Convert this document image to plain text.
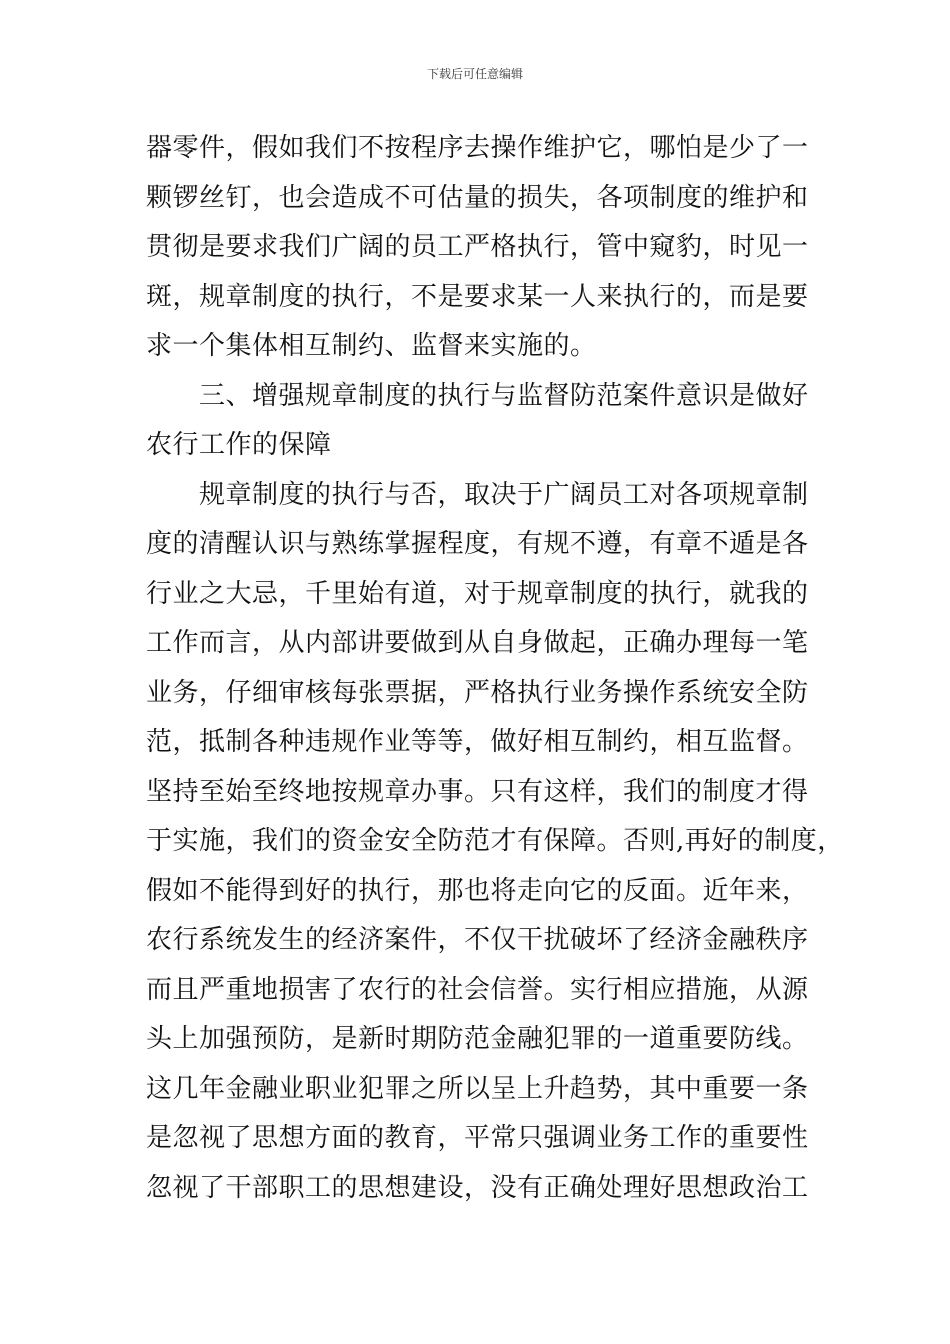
下载后可任意编辑
器零件，假如我们不按程序去操作维护它，哪怕是少了一
颗锣丝钉，也会造成不可估量的损失，各项制度的维护和
贯彻是要求我们广阔的员工严格执行，管中窥豹，时见一
斑，规章制度的执行，不是要求某一人来执行的，而是要
求一个集体相互制约、监督来实施的。
　　三、增强规章制度的执行与监督防范案件意识是做好
农行工作的保障
　　规章制度的执行与否，取决于广阔员工对各项规章制
度的清醒认识与熟练掌握程度，有规不遵，有章不遁是各
行业之大忌，千里始有道，对于规章制度的执行，就我的
工作而言，从内部讲要做到从自身做起，正确办理每一笔
业务，仔细审核每张票据，严格执行业务操作系统安全防
范，抵制各种违规作业等等，做好相互制约，相互监督。
坚持至始至终地按规章办事。只有这样，我们的制度才得
于实施，我们的资金安全防范才有保障。否则,再好的制度，
假如不能得到好的执行，那也将走向它的反面。近年来，
农行系统发生的经济案件，不仅干扰破坏了经济金融秩序
而且严重地损害了农行的社会信誉。实行相应措施，从源
头上加强预防，是新时期防范金融犯罪的一道重要防线。
这几年金融业职业犯罪之所以呈上升趋势，其中重要一条
是忽视了思想方面的教育，平常只强调业务工作的重要性
忽视了干部职工的思想建设，没有正确处理好思想政治工
